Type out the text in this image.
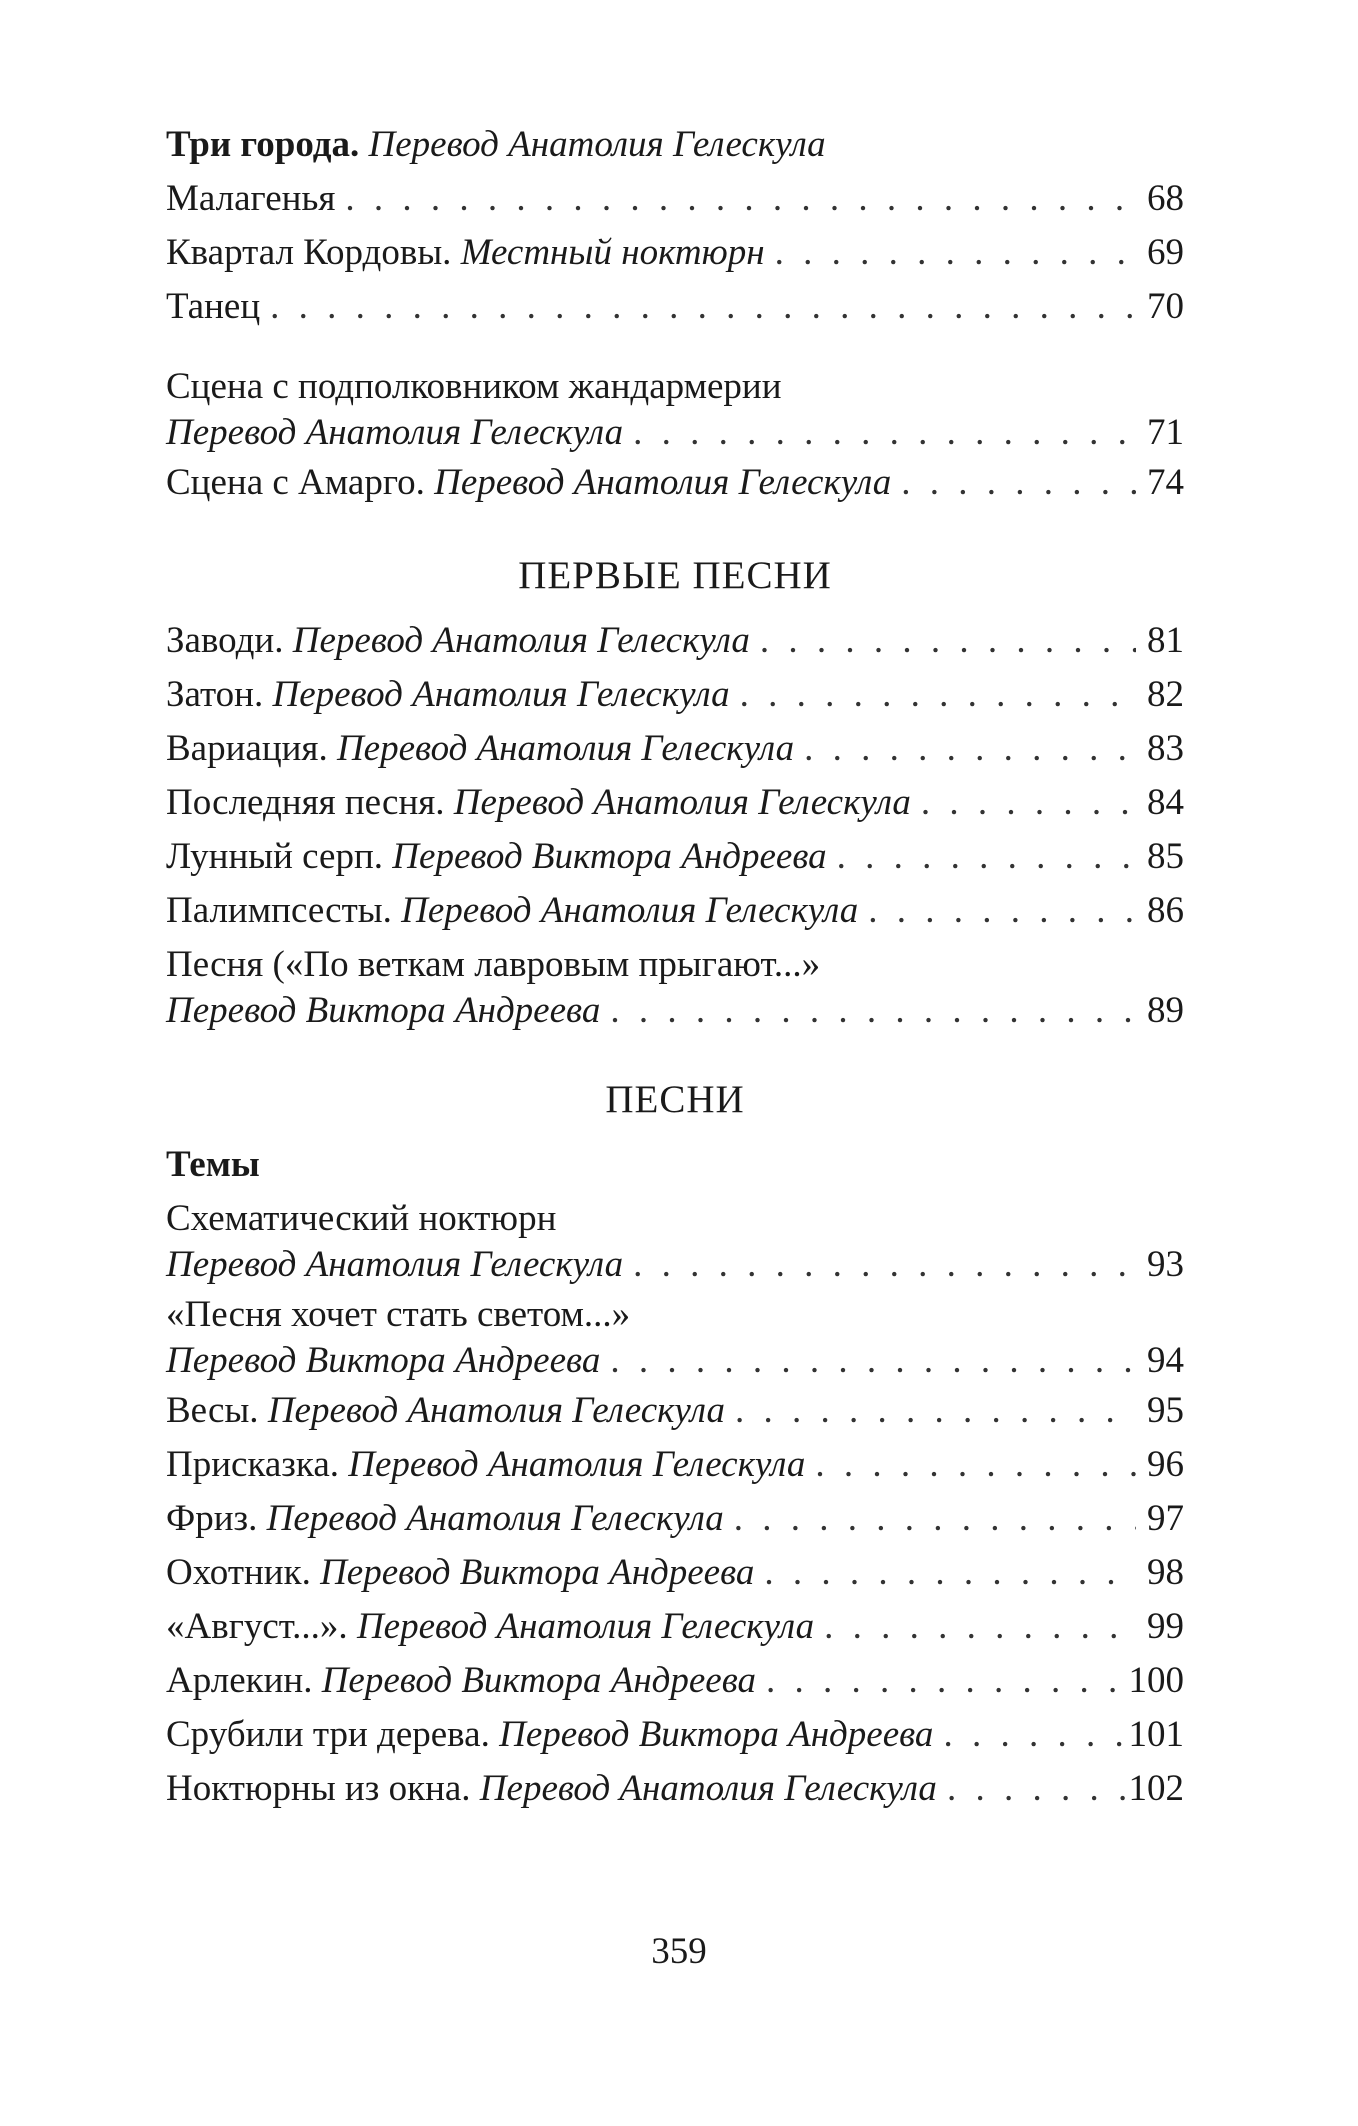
Три города. Перевод Анатолия Гелескула
Малагенья . . .	68
Квартал Кордовы. Местный ноктюрн . . .	69
Танец . . .	70
Сцена с подполковником жандармерии
Перевод Анатолия Гелескула . . .	71
Сцена с Амарго. Перевод Анатолия Гелескула . . .	74
ПЕРВЫЕ ПЕСНИ
Заводи. Перевод Анатолия Гелескула . . .	81
Затон. Перевод Анатолия Гелескула . . .	82
Вариация. Перевод Анатолия Гелескула . . .	83
Последняя песня. Перевод Анатолия Гелескула . . .	84
Лунный серп. Перевод Виктора Андреева . . .	85
Палимпсесты. Перевод Анатолия Гелескула . . .	86
Песня («По веткам лавровым прыгают...»
Перевод Виктора Андреева . . .	89
ПЕСНИ
Темы
Схематический ноктюрн
Перевод Анатолия Гелескула . . .	93
«Песня хочет стать светом...»
Перевод Виктора Андреева . . .	94
Весы. Перевод Анатолия Гелескула . . .	95
Присказка. Перевод Анатолия Гелескула . . .	96
Фриз. Перевод Анатолия Гелескула . . .	97
Охотник. Перевод Виктора Андреева . . .	98
«Август...». Перевод Анатолия Гелескула . . .	99
Арлекин. Перевод Виктора Андреева . . .	100
Срубили три дерева. Перевод Виктора Андреева . . .	101
Ноктюрны из окна. Перевод Анатолия Гелескула . . .	102
359
